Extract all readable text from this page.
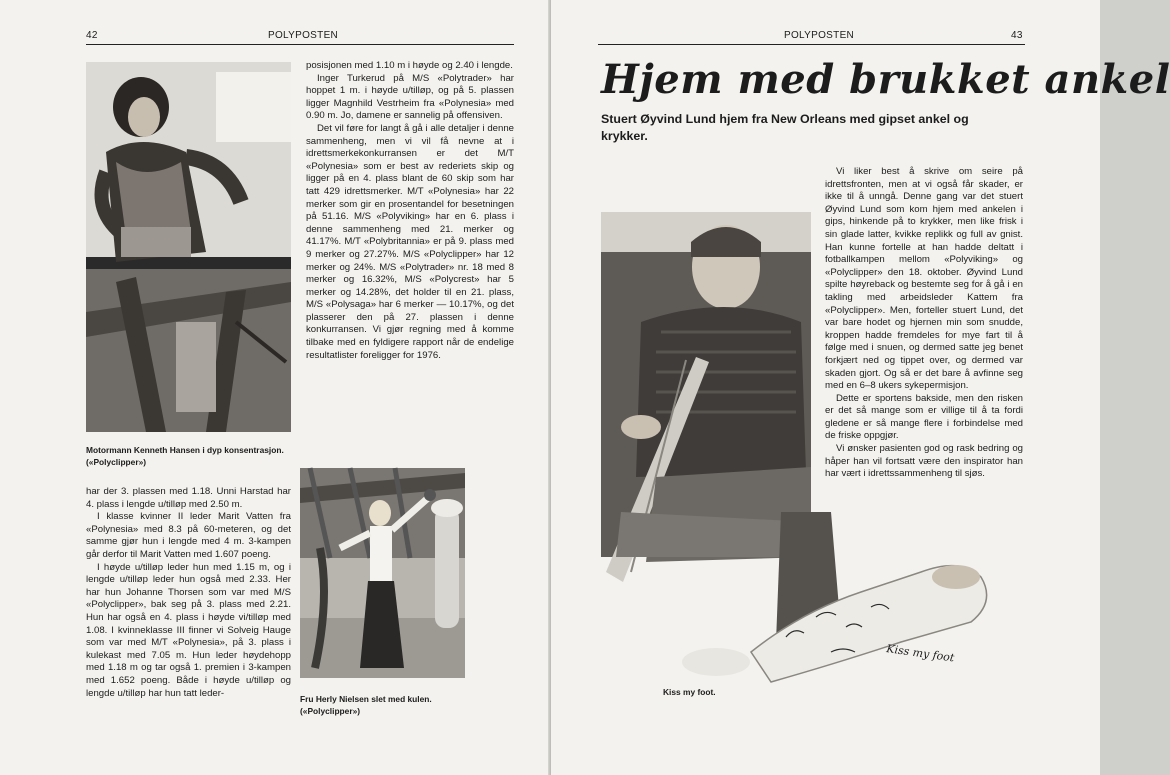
42	POLYPOSTEN
Motormann Kenneth Hansen i dyp konsentrasjon. («Polyclipper»)

posisjonen med 1.10 m i høyde og 2.40 i lengde.

Inger Turkerud på M/S «Polytrader» har hoppet 1 m. i høyde u/tilløp, og på 5. plassen ligger Magnhild Vestrheim fra «Polynesia» med 0.90 m. Jo, damene er sannelig på offensiven.

Det vil føre for langt å gå i alle detaljer i denne sammenheng, men vi vil få nevne at i idrettsmerkekonkurransen er det M/T «Polynesia» som er best av rederiets skip og ligger på en 4. plass blant de 60 skip som har tatt 429 idrettsmerker. M/T «Polynesia» har 22 merker som gir en prosentandel for besetningen på 51.16. M/S «Polyviking» har en 6. plass i denne sammenheng med 21. merker og 41.17%. M/T «Polybritannia» er på 9. plass med 9 merker og 27.27%. M/S «Polyclipper» har 12 merker og 24%. M/S «Polytrader» nr. 18 med 8 merker og 16.32%, M/S «Polycrest» har 5 merker og 14.28%, det holder til en 21. plass, M/S «Polysaga» har 6 merker — 10.17%, og det plasserer den på 27. plassen i denne konkurransen. Vi gjør regning med å komme tilbake med en fyldigere rapport når de endelige resultatlister foreligger for 1976.

har der 3. plassen med 1.18. Unni Harstad har 4. plass i lengde u/tilløp med 2.50 m.

I klasse kvinner II leder Marit Vatten fra «Polynesia» med 8.3 på 60-meteren, og det samme gjør hun i lengde med 4 m. 3-kampen går derfor til Marit Vatten med 1.607 poeng.

I høyde u/tilløp leder hun med 1.15 m, og i lengde u/tilløp leder hun også med 2.33. Her har hun Johanne Thorsen som var med M/S «Polyclipper», bak seg på 3. plass med 2.21. Hun har også en 4. plass i høyde vi/tilløp med 1.08. I kvinneklasse III finner vi Solveig Hauge som var med M/T «Polynesia», på 3. plass i kulekast med 7.05 m. Hun leder høydehopp med 1.18 m og tar også 1. premien i 3-kampen med 1.652 poeng. Både i høyde u/tilløp og lengde u/tilløp har hun tatt leder-

Fru Herly Nielsen slet med kulen. («Polyclipper»)
POLYPOSTEN	43
Hjem med brukket ankel
Stuert Øyvind Lund hjem fra New Orleans med gipset ankel og krykker.
Kiss my foot
Kiss my foot.

Vi liker best å skrive om seire på idrettsfronten, men at vi også får skader, er ikke til å unngå. Denne gang var det stuert Øyvind Lund som kom hjem med ankelen i gips, hinkende på to krykker, men like frisk i sin glade latter, kvikke replikk og full av gnist. Han kunne fortelle at han hadde deltatt i fotballkampen mellom «Polyviking» og «Polyclipper» den 18. oktober. Øyvind Lund spilte høyreback og bestemte seg for å gå i en takling med arbeidsleder Kattem fra «Polyclipper». Men, forteller stuert Lund, det var bare hodet og hjernen min som snudde, kroppen hadde fremdeles for mye fart til å følge med i snuen, og dermed satte jeg benet forkjært ned og tippet over, og dermed var skaden gjort. Og så er det bare å avfinne seg med en 6–8 ukers sykepermisjon.

Dette er sportens bakside, men den risken er det så mange som er villige til å ta fordi gledene er så mange flere i forbindelse med de friske oppgjør.

Vi ønsker pasienten god og rask bedring og håper han vil fortsatt være den inspirator han har vært i idrettssammenheng til sjøs.
